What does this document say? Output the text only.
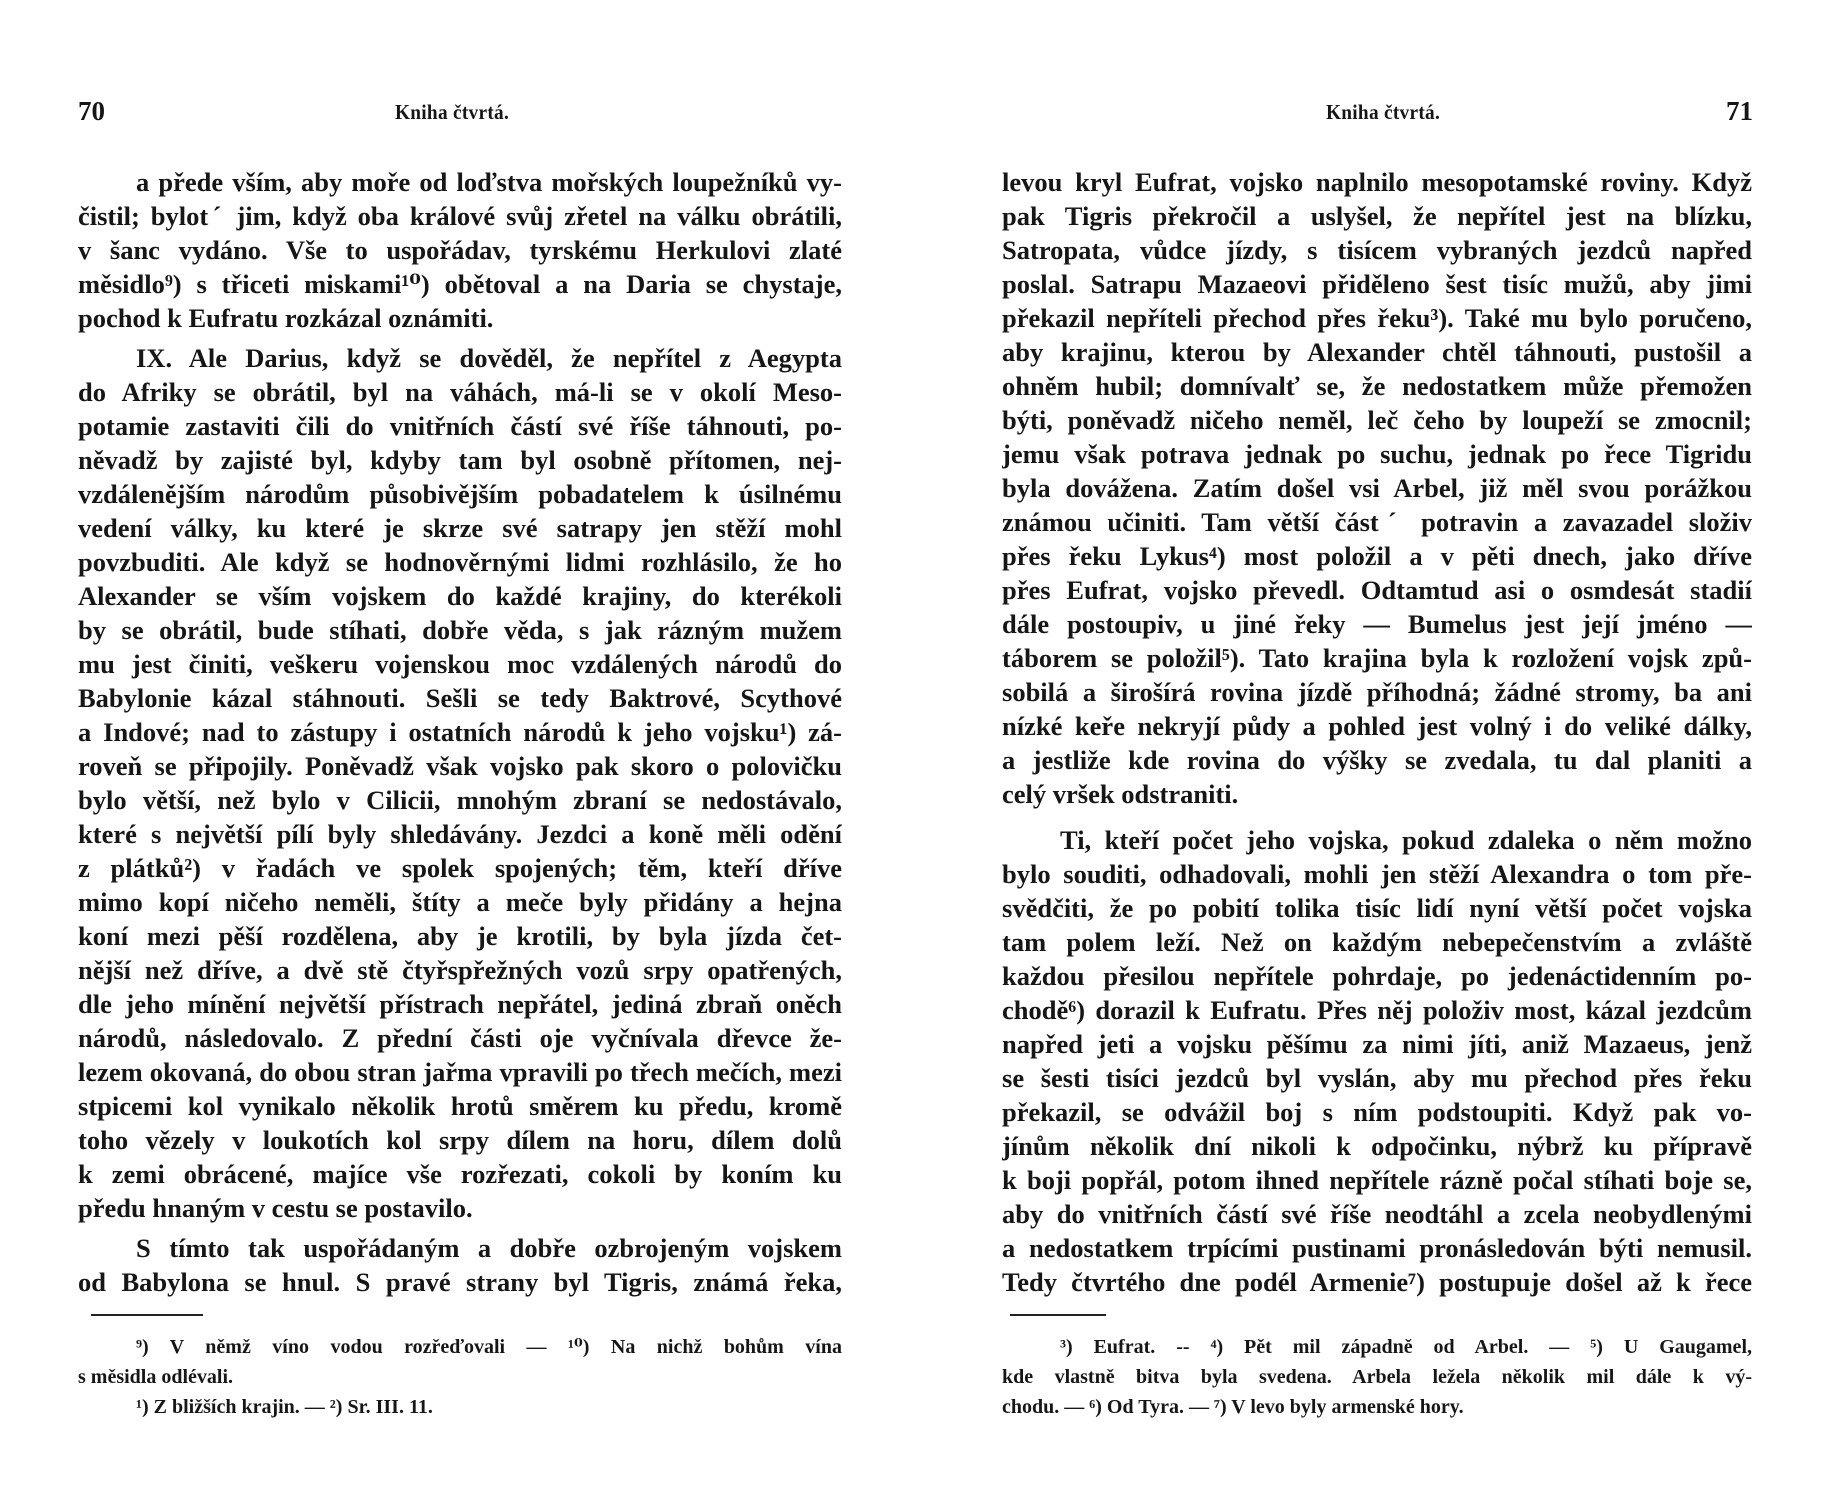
70	Kniha čtvrtá.
a přede vším, aby moře od loďstva mořských loupežníků vy-
čistil; bylotˊ jim, když oba králové svůj zřetel na válku obrátili,
v šanc vydáno. Vše to uspořádav, tyrskému Herkulovi zlaté
měsidlo⁹) s třiceti miskami¹⁰) obětoval a na Daria se chystaje,
pochod k Eufratu rozkázal oznámiti.
IX. Ale Darius, když se dověděl, že nepřítel z Aegypta
do Afriky se obrátil, byl na váhách, má-li se v okolí Meso-
potamie zastaviti čili do vnitřních částí své říše táhnouti, po-
něvadž by zajisté byl, kdyby tam byl osobně přítomen, nej-
vzdálenějším národům působivějším pobadatelem k úsilnému
vedení války, ku které je skrze své satrapy jen stěží mohl
povzbuditi. Ale když se hodnověrnými lidmi rozhlásilo, že ho
Alexander se vším vojskem do každé krajiny, do kterékoli
by se obrátil, bude stíhati, dobře věda, s jak rázným mužem
mu jest činiti, veškeru vojenskou moc vzdálených národů do
Babylonie kázal stáhnouti. Sešli se tedy Baktrové, Scythové
a Indové; nad to zástupy i ostatních národů k jeho vojsku¹) zá-
roveň se připojily. Poněvadž však vojsko pak skoro o polovičku
bylo větší, než bylo v Cilicii, mnohým zbraní se nedostávalo,
které s největší pílí byly shledávány. Jezdci a koně měli odění
z plátků²) v řadách ve spolek spojených; těm, kteří dříve
mimo kopí ničeho neměli, štíty a meče byly přidány a hejna
koní mezi pěší rozdělena, aby je krotili, by byla jízda čet-
nější než dříve, a dvě stě čtyřspřežných vozů srpy opatřených,
dle jeho mínění největší přístrach nepřátel, jediná zbraň oněch
národů, následovalo. Z přední části oje vyčnívala dřevce že-
lezem okovaná, do obou stran jařma vpravili po třech mečích, mezi
stpicemi kol vynikalo několik hrotů směrem ku předu, kromě
toho vězely v loukotích kol srpy dílem na horu, dílem dolů
k zemi obrácené, majíce vše rozřezati, cokoli by koním ku
předu hnaným v cestu se postavilo.
S tímto tak uspořádaným a dobře ozbrojeným vojskem
od Babylona se hnul. S pravé strany byl Tigris, známá řeka,
⁹) V němž víno vodou rozřeďovali — ¹⁰) Na nichž bohům vína
s měsidla odlévali.
¹) Z bližších krajin. — ²) Sr. III. 11.
71
Kniha čtvrtá.
levou kryl Eufrat, vojsko naplnilo mesopotamské roviny. Když
pak Tigris překročil a uslyšel, že nepřítel jest na blízku,
Satropata, vůdce jízdy, s tisícem vybraných jezdců napřed
poslal. Satrapu Mazaeovi přiděleno šest tisíc mužů, aby jimi
překazil nepříteli přechod přes řeku³). Také mu bylo poručeno,
aby krajinu, kterou by Alexander chtěl táhnouti, pustošil a
ohněm hubil; domnívalť se, že nedostatkem může přemožen
býti, poněvadž ničeho neměl, leč čeho by loupeží se zmocnil;
jemu však potrava jednak po suchu, jednak po řece Tigridu
byla dovážena. Zatím došel vsi Arbel, již měl svou porážkou
známou učiniti. Tam větší částˊ potravin a zavazadel složiv
přes řeku Lykus⁴) most položil a v pěti dnech, jako dříve
přes Eufrat, vojsko převedl. Odtamtud asi o osmdesát stadií
dále postoupiv, u jiné řeky — Bumelus jest její jméno —
táborem se položil⁵). Tato krajina byla k rozložení vojsk způ-
sobilá a širošírá rovina jízdě příhodná; žádné stromy, ba ani
nízké keře nekryjí půdy a pohled jest volný i do veliké dálky,
a jestliže kde rovina do výšky se zvedala, tu dal planiti a
celý vršek odstraniti.
Ti, kteří počet jeho vojska, pokud zdaleka o něm možno
bylo souditi, odhadovali, mohli jen stěží Alexandra o tom pře-
svědčiti, že po pobití tolika tisíc lidí nyní větší počet vojska
tam polem leží. Než on každým nebepečenstvím a zvláště
každou přesilou nepřítele pohrdaje, po jedenáctidenním po-
chodě⁶) dorazil k Eufratu. Přes něj položiv most, kázal jezdcům
napřed jeti a vojsku pěšímu za nimi jíti, aniž Mazaeus, jenž
se šesti tisíci jezdců byl vyslán, aby mu přechod přes řeku
překazil, se odvážil boj s ním podstoupiti. Když pak vo-
jínům několik dní nikoli k odpočinku, nýbrž ku přípravě
k boji popřál, potom ihned nepřítele rázně počal stíhati boje se,
aby do vnitřních částí své říše neodtáhl a zcela neobydlenými
a nedostatkem trpícími pustinami pronásledován býti nemusil.
Tedy čtvrtého dne podél Armenie⁷) postupuje došel až k řece
³) Eufrat. -- ⁴) Pět mil západně od Arbel. — ⁵) U Gaugamel,
kde vlastně bitva byla svedena. Arbela ležela několik mil dále k vý-
chodu. — ⁶) Od Tyra. — ⁷) V levo byly armenské hory.
